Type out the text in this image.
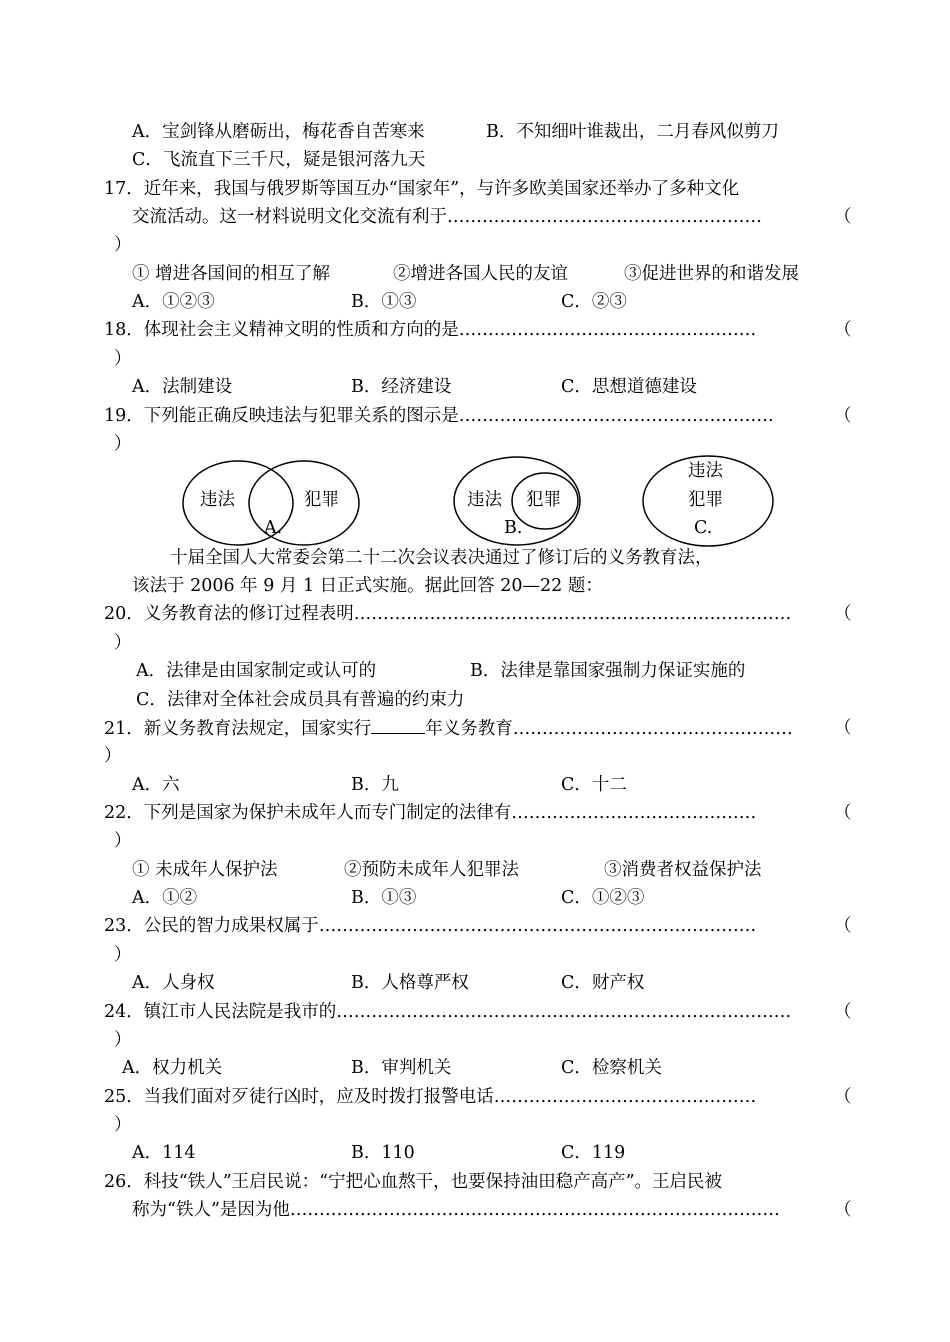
A．宝剑锋从磨砺出，梅花香自苦寒来	B．不知细叶谁裁出，二月春风似剪刀
C．飞流直下三千尺，疑是银河落九天
17．近年来，我国与俄罗斯等国互办“国家年”，与许多欧美国家还举办了多种文化
交流活动。这一材料说明文化交流有利于………………………………………………	（
）
① 增进各国间的相互了解	②增进各国人民的友谊	③促进世界的和谐发展
A．①②③	B．①③	C．②③
18．体现社会主义精神文明的性质和方向的是……………………………………………	（
）
A．法制建设	B．经济建设	C．思想道德建设
19．下列能正确反映违法与犯罪关系的图示是………………………………………………	（
）
违法	犯罪
A.
违法 犯罪
B.
违法
犯罪
C.
十届全国人大常委会第二十二次会议表决通过了修订后的义务教育法，
该法于 2006 年 9 月 1 日正式实施。据此回答 20—22 题：
20．义务教育法的修订过程表明………………………………………………………………… （
）
A．法律是由国家制定或认可的	B．法律是靠国家强制力保证实施的
C．法律对全体社会成员具有普遍的约束力
21．新义务教育法规定，国家实行	年义务教育………………………………………… （
）
A．六	B．九	C．十二
22．下列是国家为保护未成年人而专门制定的法律有……………………………………	（
）
① 未成年人保护法	②预防未成年人犯罪法	③消费者权益保护法
A．①②	B．①③	C．①②③
23．公民的智力成果权属于…………………………………………………………………	（
）
A．人身权	B．人格尊严权	C．财产权
24．镇江市人民法院是我市的…………………………………………………………………… （
）
A．权力机关	B．审判机关	C．检察机关
25．当我们面对歹徒行凶时，应及时拨打报警电话………………………………………	（
）
A．114	B．110	C．119
26．科技“铁人”王启民说：“宁把心血熬干，也要保持油田稳产高产”。王启民被
称为“铁人”是因为他…………………………………………………………………………	（
